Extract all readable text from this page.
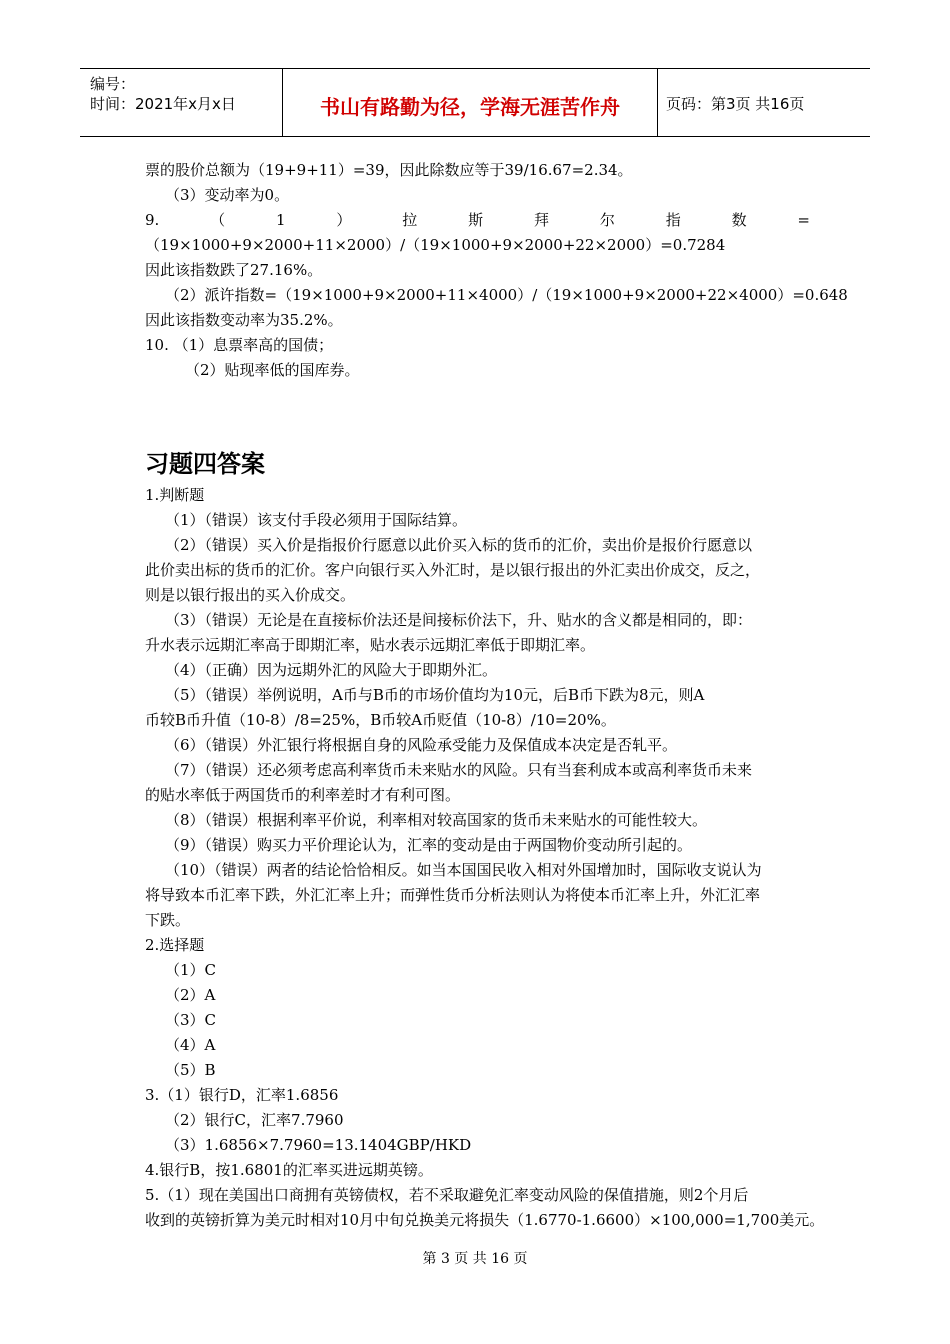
编号：
时间：2021年x月x日	书山有路勤为径，学海无涯苦作舟	页码：第3页 共16页
票的股价总额为（19+9+11）=39，因此除数应等于39/16.67=2.34。
（3）变动率为0。
9.	（	1	）	拉	斯	拜	尔	指	数	=
（19×1000+9×2000+11×2000）/（19×1000+9×2000+22×2000）=0.7284
因此该指数跌了27.16%。
（2）派许指数=（19×1000+9×2000+11×4000）/（19×1000+9×2000+22×4000）=0.648
因此该指数变动率为35.2%。
10. （1）息票率高的国债；
（2）贴现率低的国库券。
习题四答案
1.判断题
（1）（错误）该支付手段必须用于国际结算。
（2）（错误）买入价是指报价行愿意以此价买入标的货币的汇价，卖出价是报价行愿意以
此价卖出标的货币的汇价。客户向银行买入外汇时，是以银行报出的外汇卖出价成交，反之，
则是以银行报出的买入价成交。
（3）（错误）无论是在直接标价法还是间接标价法下，升、贴水的含义都是相同的，即：
升水表示远期汇率高于即期汇率，贴水表示远期汇率低于即期汇率。
（4）（正确）因为远期外汇的风险大于即期外汇。
（5）（错误）举例说明，A币与B币的市场价值均为10元，后B币下跌为8元，则A
币较B币升值（10-8）/8=25%，B币较A币贬值（10-8）/10=20%。
（6）（错误）外汇银行将根据自身的风险承受能力及保值成本决定是否轧平。
（7）（错误）还必须考虑高利率货币未来贴水的风险。只有当套利成本或高利率货币未来
的贴水率低于两国货币的利率差时才有利可图。
（8）（错误）根据利率平价说，利率相对较高国家的货币未来贴水的可能性较大。
（9）（错误）购买力平价理论认为，汇率的变动是由于两国物价变动所引起的。
（10）（错误）两者的结论恰恰相反。如当本国国民收入相对外国增加时，国际收支说认为
将导致本币汇率下跌，外汇汇率上升；而弹性货币分析法则认为将使本币汇率上升，外汇汇率
下跌。
2.选择题
（1）C
（2）A
（3）C
（4）A
（5）B
3.（1）银行D，汇率1.6856
（2）银行C，汇率7.7960
（3）1.6856×7.7960=13.1404GBP/HKD
4.银行B，按1.6801的汇率买进远期英镑。
5.（1）现在美国出口商拥有英镑债权，若不采取避免汇率变动风险的保值措施，则2个月后
收到的英镑折算为美元时相对10月中旬兑换美元将损失（1.6770-1.6600）×100,000=1,700美元。
第 3 页 共 16 页
